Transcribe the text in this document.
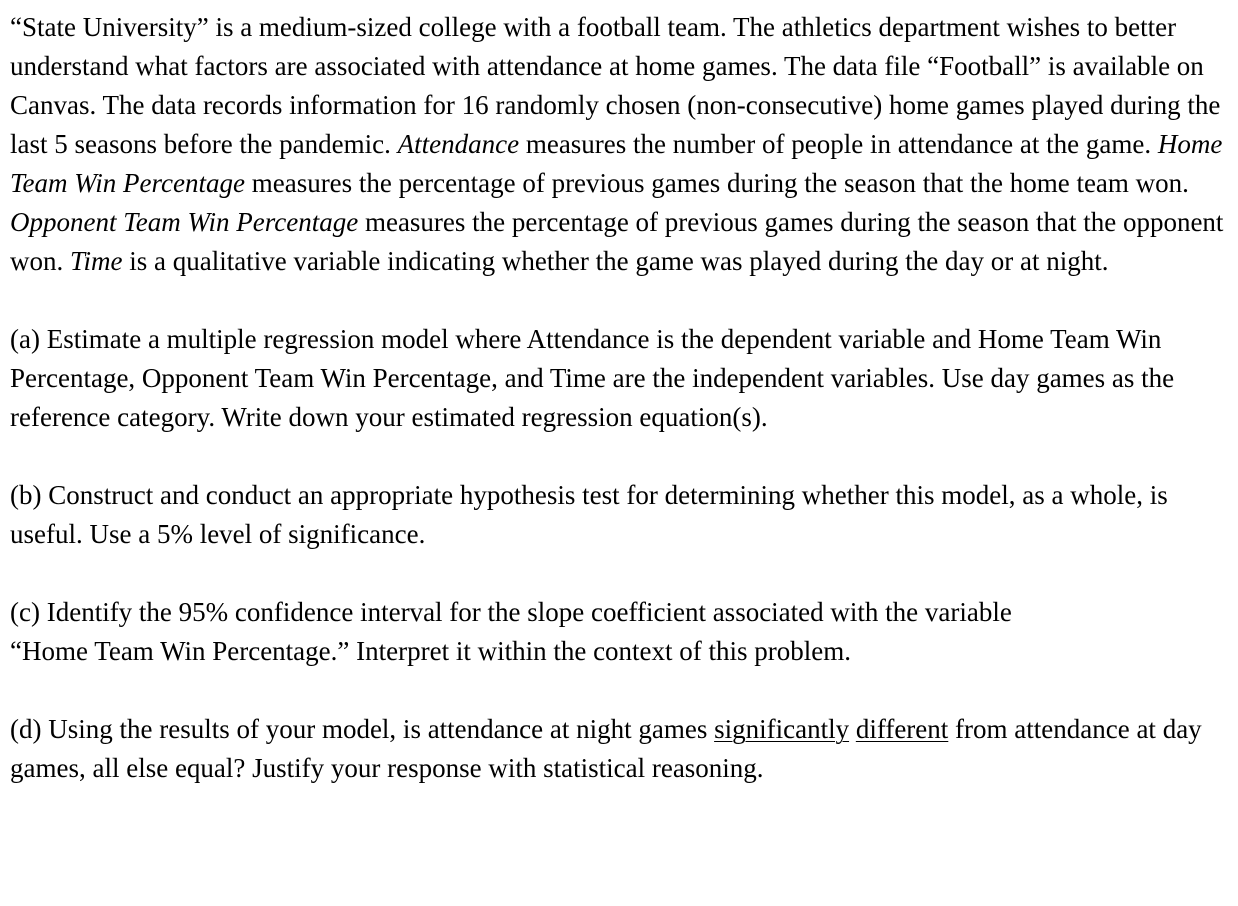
“State University” is a medium-sized college with a football team. The athletics department wishes to better understand what factors are associated with attendance at home games. The data file “Football” is available on Canvas. The data records information for 16 randomly chosen (non-consecutive) home games played during the last 5 seasons before the pandemic. Attendance measures the number of people in attendance at the game. Home Team Win Percentage measures the percentage of previous games during the season that the home team won. Opponent Team Win Percentage measures the percentage of previous games during the season that the opponent won. Time is a qualitative variable indicating whether the game was played during the day or at night.

(a) Estimate a multiple regression model where Attendance is the dependent variable and Home Team Win Percentage, Opponent Team Win Percentage, and Time are the independent variables. Use day games as the reference category. Write down your estimated regression equation(s).

(b) Construct and conduct an appropriate hypothesis test for determining whether this model, as a whole, is useful. Use a 5% level of significance.

(c) Identify the 95% confidence interval for the slope coefficient associated with the variable
“Home Team Win Percentage.” Interpret it within the context of this problem.

(d) Using the results of your model, is attendance at night games significantly different from attendance at day games, all else equal? Justify your response with statistical reasoning.
